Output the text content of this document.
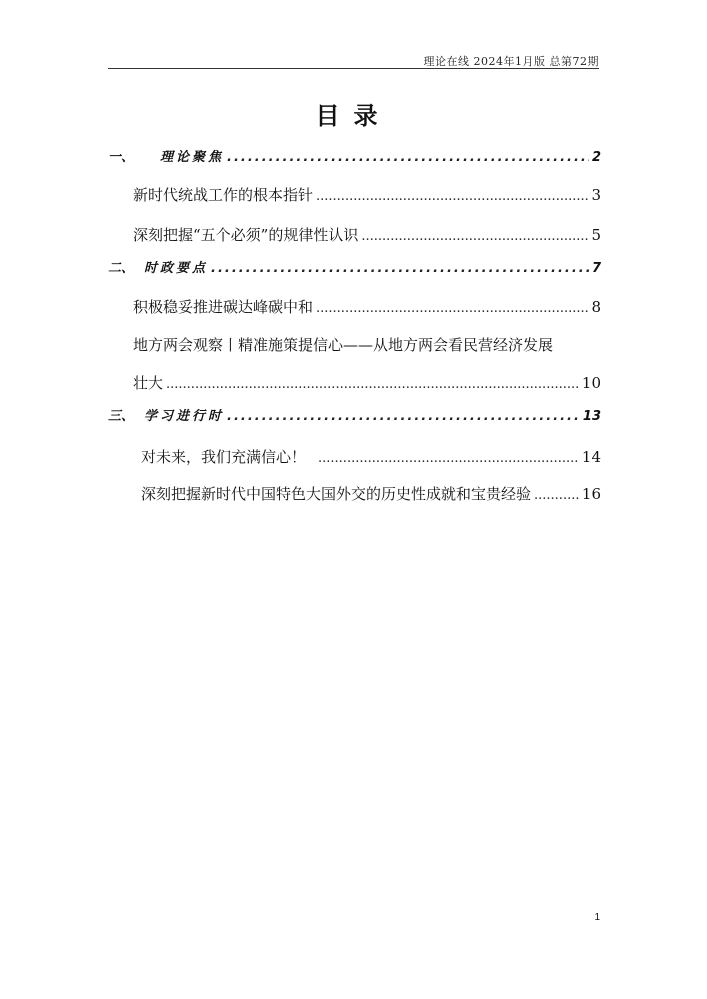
理论在线 2024年1月版 总第72期
目录
一、 理论聚焦 .....	2
新时代统战工作的根本指针 .....	3
深刻把握“五个必须”的规律性认识 .....	5
二、 时政要点 .....	7
积极稳妥推进碳达峰碳中和 .....	8
地方两会观察丨精准施策提信心——从地方两会看民营经济发展
壮大 .....	10
三、 学习进行时 .....	13
对未来，我们充满信心！ .....	14
深刻把握新时代中国特色大国外交的历史性成就和宝贵经验 .....	16
1
